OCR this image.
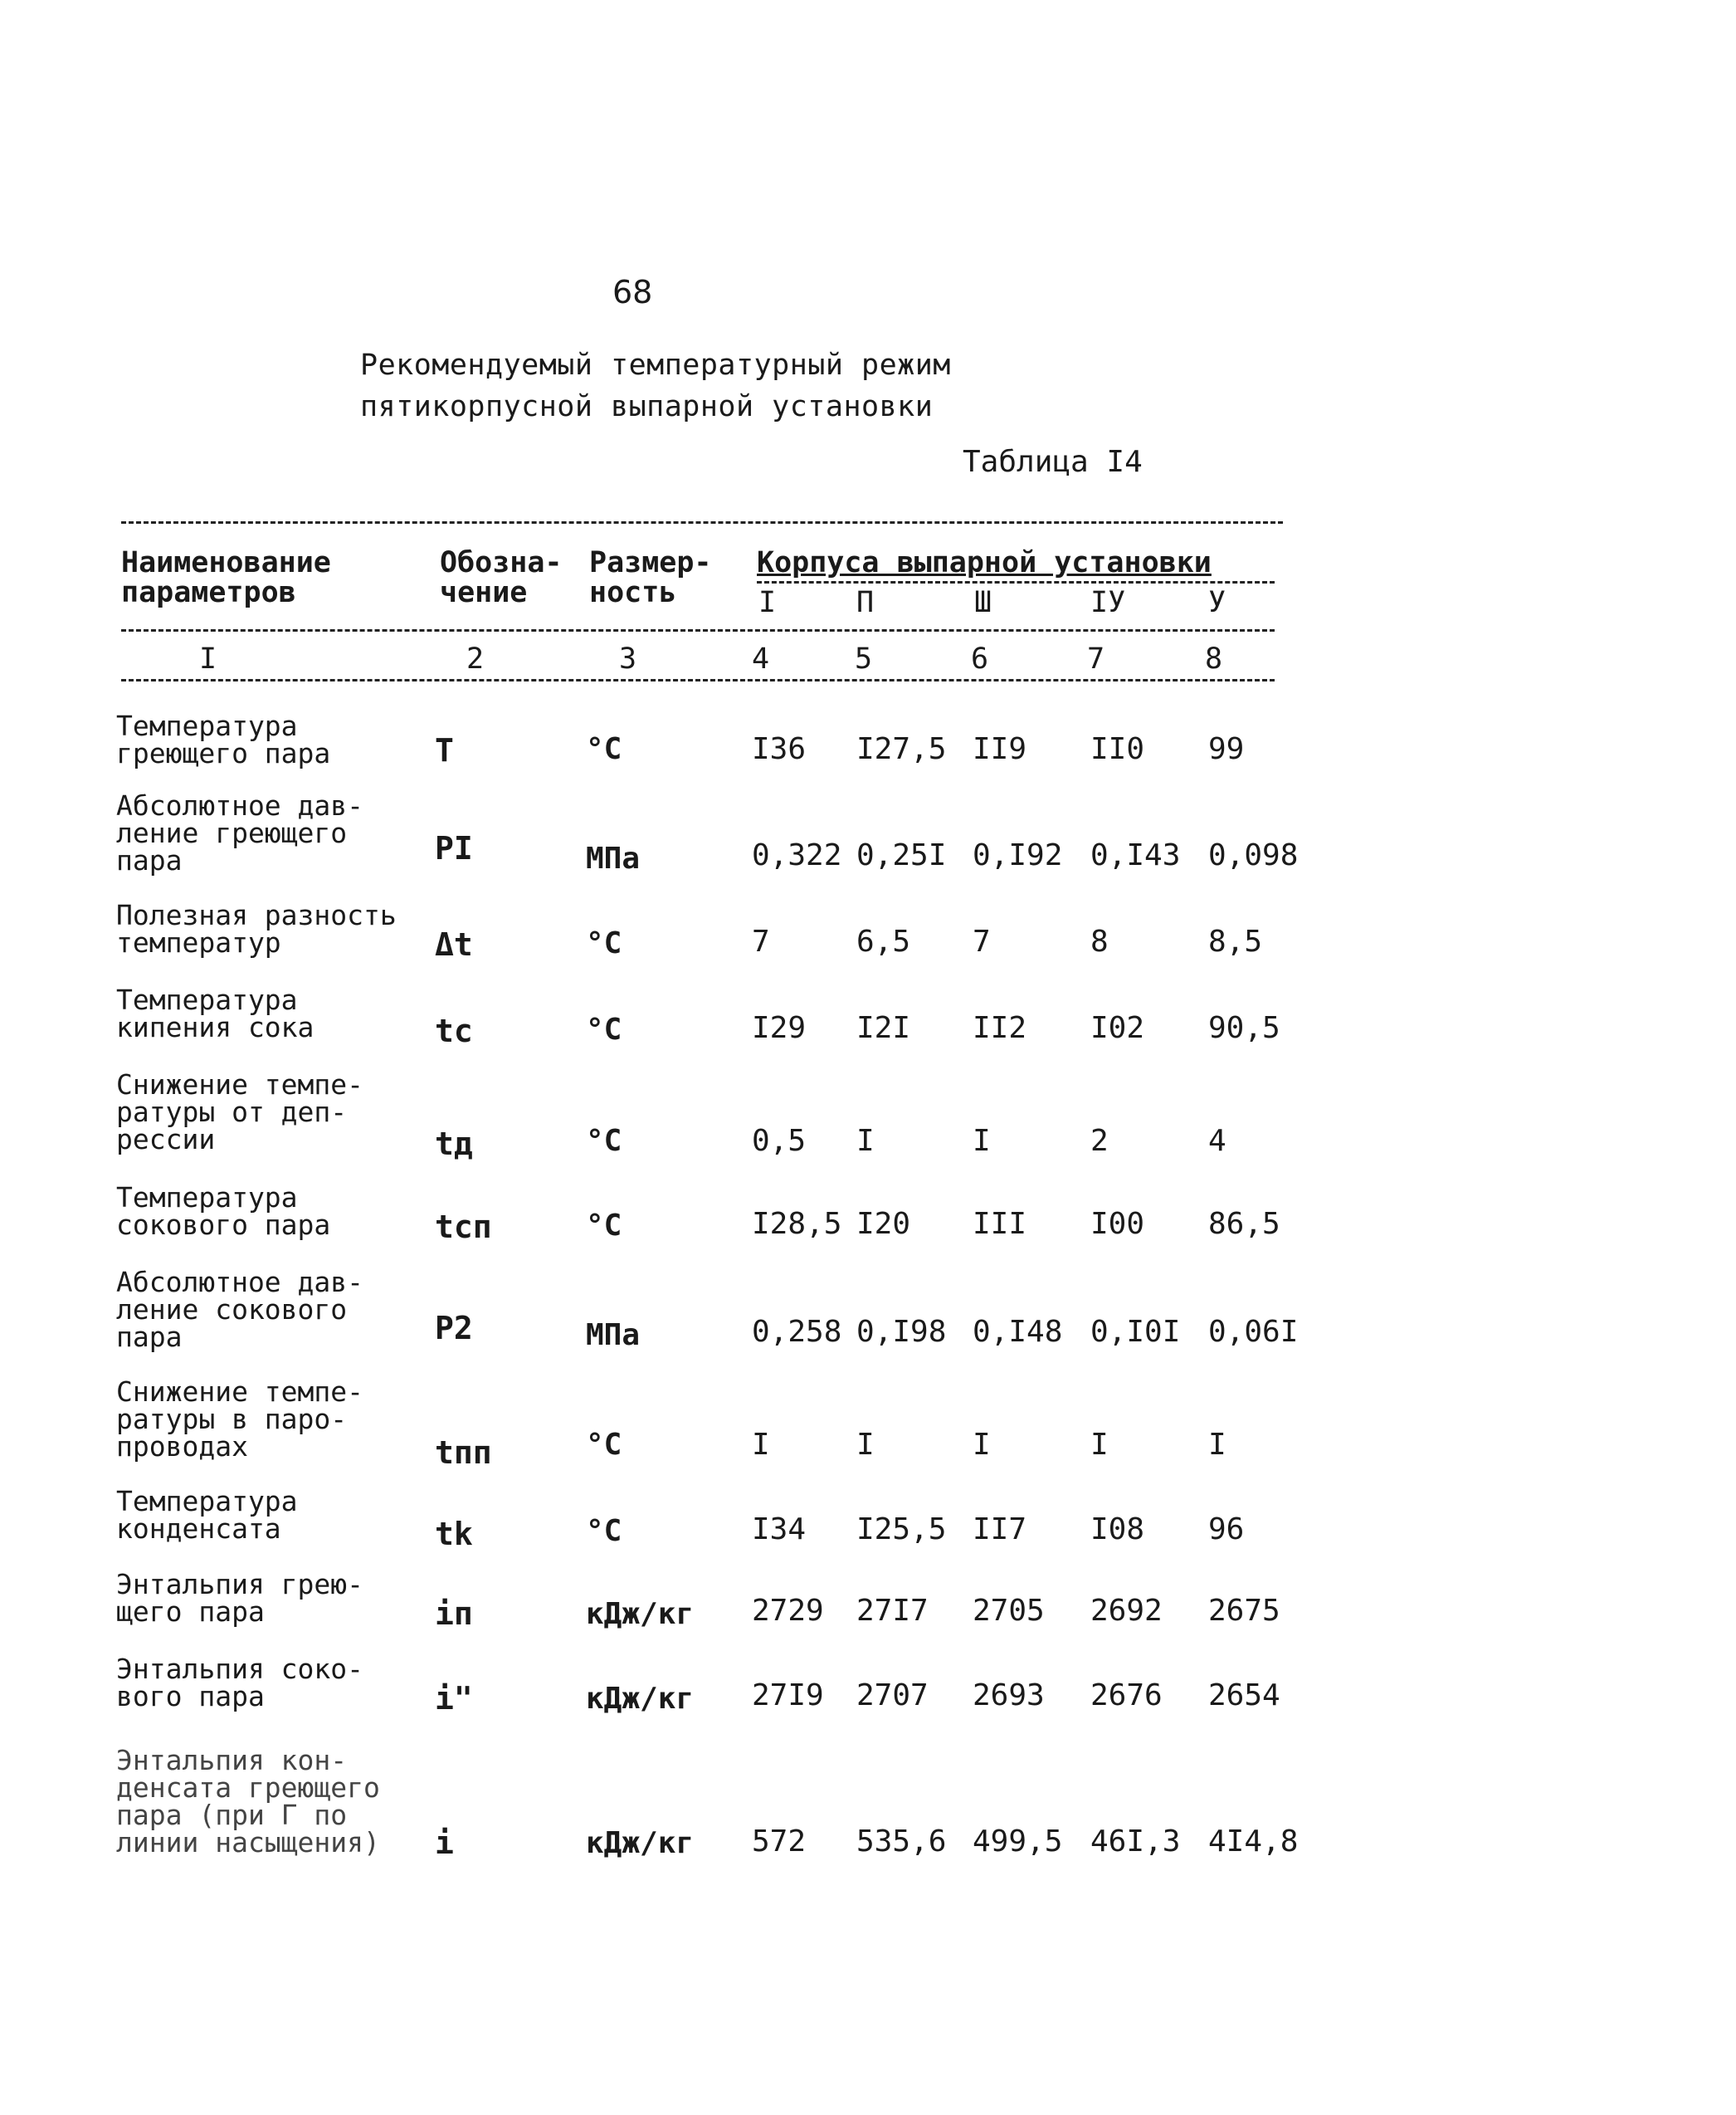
68
Рекомендуемый температурный режим
пятикорпусной выпарной установки
Таблица I4
Наименование
параметров
Обозна-
чение
Размер-
ность
Корпуса выпарной установки
I	П	Ш	IУ	У
I	2	3	4	5	6	7	8
Температура
греющего пара	T	°C	I36 I27,5 II9 II0 99
Абсолютное дав-
ление греющего
пара	PI	МПа	0,322 0,25I 0,I92 0,I43 0,098
Полезная разность
температур	Δt	°C	7	6,5 7	8	8,5
Температура
кипения сока	tс	°C	I29 I2I II2 I02 90,5
Снижение темпе-
ратуры от деп-
рессии	tд	°C	0,5 I	I	2	4
Температура
сокового пара	tсп	°C	I28,5 I20 III I00 86,5
Абсолютное дав-
ление сокового
пара	P2	МПа	0,258 0,I98 0,I48 0,I0I 0,06I
Снижение темпе-
ратуры в паро-
проводах	tпп	°C	I	I	I	I	I
Температура
конденсата	tk	°C	I34 I25,5 II7 I08 96
Энтальпия грею-
щего пара	iп	кДж/кг 2729 27I7 2705 2692 2675
Энтальпия соко-
вого пара	i"	кДж/кг 27I9 2707 2693 2676 2654
Энтальпия кон-
денсата греющего
пара (при Г по
линии насыщения) i	кДж/кг 572 535,6 499,5 46I,3 4I4,8
